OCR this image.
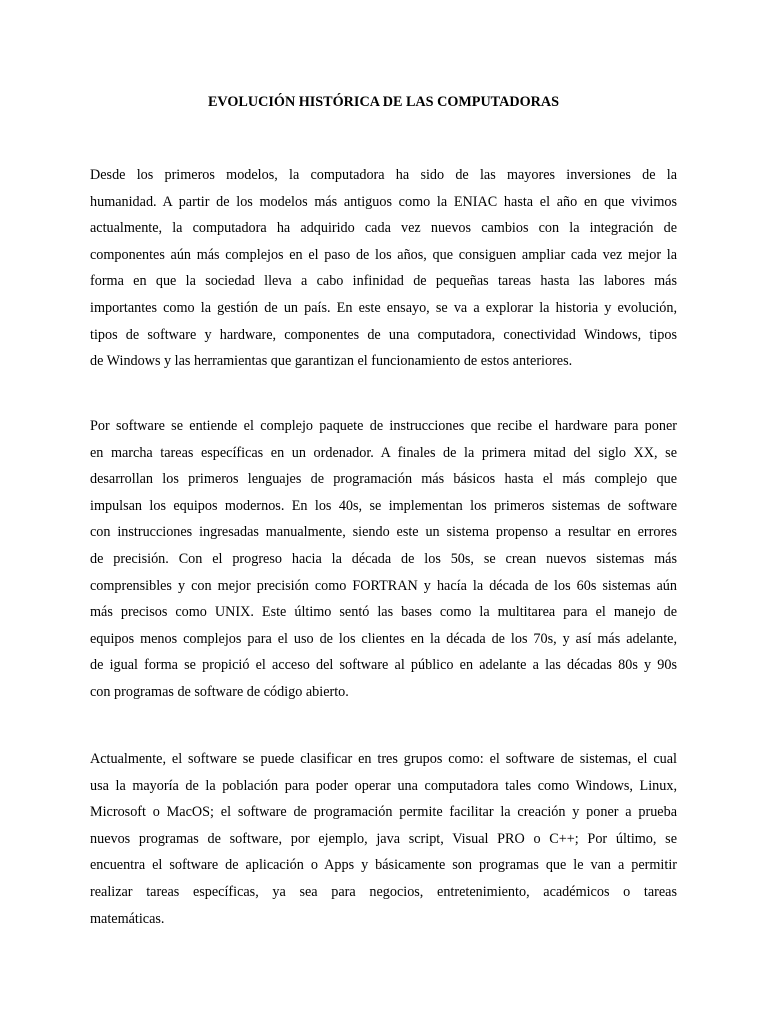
EVOLUCIÓN HISTÓRICA DE LAS COMPUTADORAS
Desde los primeros modelos, la computadora ha sido de las mayores inversiones de la
humanidad. A partir de los modelos más antiguos como la ENIAC hasta el año en que vivimos
actualmente, la computadora ha adquirido cada vez nuevos cambios con la integración de
componentes aún más complejos en el paso de los años, que consiguen ampliar cada vez mejor la
forma en que la sociedad lleva a cabo infinidad de pequeñas tareas hasta las labores más
importantes como la gestión de un país. En este ensayo, se va a explorar la historia y evolución,
tipos de software y hardware, componentes de una computadora, conectividad Windows, tipos
de Windows y las herramientas que garantizan el funcionamiento de estos anteriores.
Por software se entiende el complejo paquete de instrucciones que recibe el hardware para poner
en marcha tareas específicas en un ordenador. A finales de la primera mitad del siglo XX, se
desarrollan los primeros lenguajes de programación más básicos hasta el más complejo que
impulsan los equipos modernos. En los 40s, se implementan los primeros sistemas de software
con instrucciones ingresadas manualmente, siendo este un sistema propenso a resultar en errores
de precisión. Con el progreso hacia la década de los 50s, se crean nuevos sistemas más
comprensibles y con mejor precisión como FORTRAN y hacía la década de los 60s sistemas aún
más precisos como UNIX. Este último sentó las bases como la multitarea para el manejo de
equipos menos complejos para el uso de los clientes en la década de los 70s, y así más adelante,
de igual forma se propició el acceso del software al público en adelante a las décadas 80s y 90s
con programas de software de código abierto.
Actualmente, el software se puede clasificar en tres grupos como: el software de sistemas, el cual
usa la mayoría de la población para poder operar una computadora tales como Windows, Linux,
Microsoft o MacOS; el software de programación permite facilitar la creación y poner a prueba
nuevos programas de software, por ejemplo, java script, Visual PRO o C++; Por último, se
encuentra el software de aplicación o Apps y básicamente son programas que le van a permitir
realizar tareas específicas, ya sea para negocios, entretenimiento, académicos o tareas
matemáticas.
